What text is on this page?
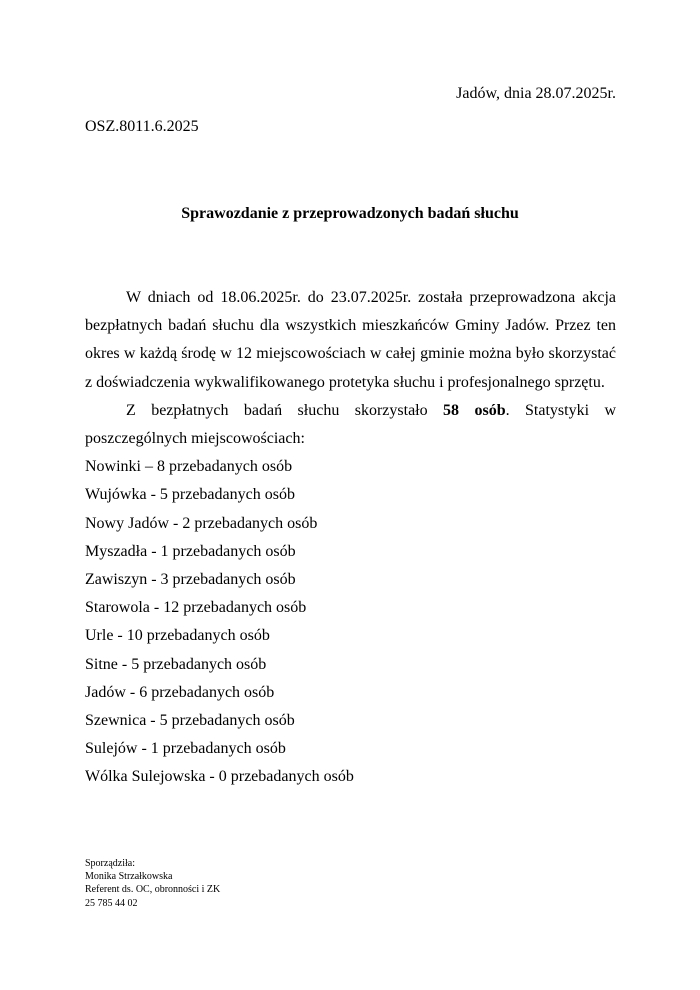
Jadów, dnia 28.07.2025r.
OSZ.8011.6.2025
Sprawozdanie z przeprowadzonych badań słuchu

W dniach od 18.06.2025r. do 23.07.2025r. została przeprowadzona akcja bezpłatnych badań słuchu dla wszystkich mieszkańców Gminy Jadów. Przez ten okres w każdą środę w 12 miejscowościach w całej gminie można było skorzystać z doświadczenia wykwalifikowanego protetyka słuchu i profesjonalnego sprzętu.

Z bezpłatnych badań słuchu skorzystało 58 osób. Statystyki w poszczególnych miejscowościach:

Nowinki – 8 przebadanych osób
Wujówka - 5 przebadanych osób
Nowy Jadów - 2 przebadanych osób
Myszadła - 1 przebadanych osób
Zawiszyn - 3 przebadanych osób
Starowola - 12 przebadanych osób
Urle - 10 przebadanych osób
Sitne - 5 przebadanych osób
Jadów - 6 przebadanych osób
Szewnica - 5 przebadanych osób
Sulejów - 1 przebadanych osób
Wólka Sulejowska - 0 przebadanych osób
Sporządziła:
Monika Strzałkowska
Referent ds. OC, obronności i ZK
25 785 44 02
